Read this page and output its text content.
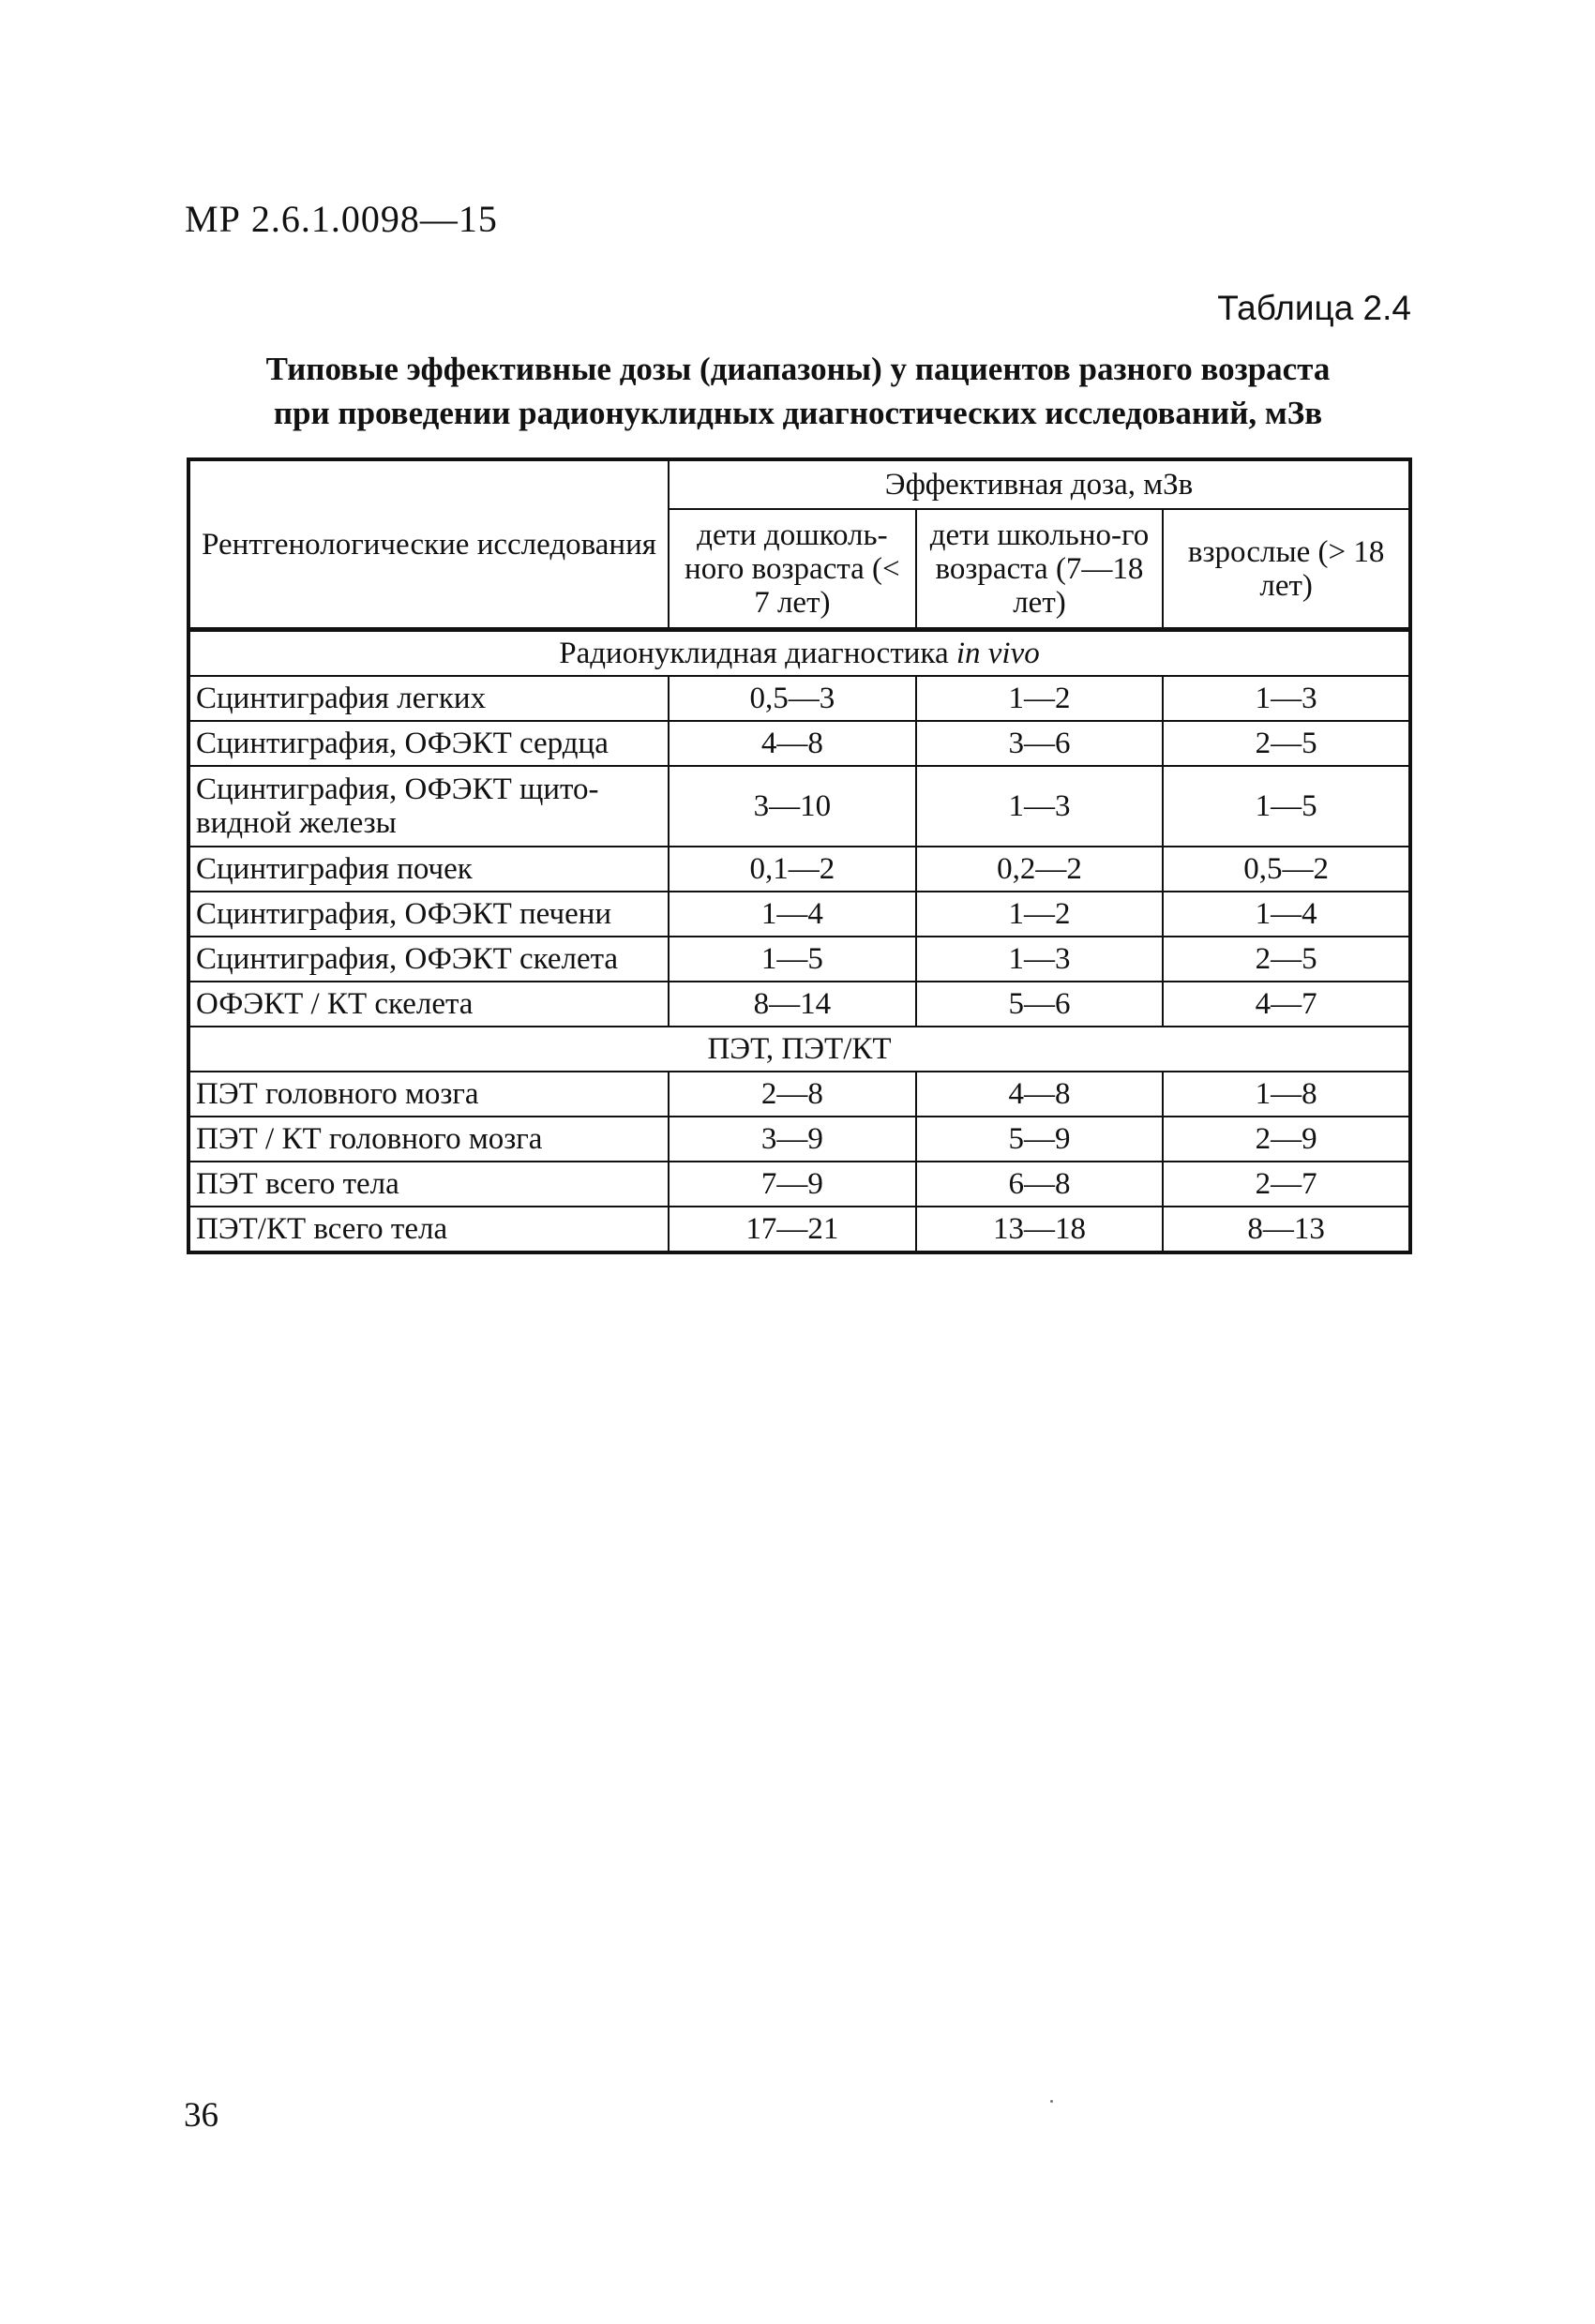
МР 2.6.1.0098—15
Таблица 2.4
Типовые эффективные дозы (диапазоны) у пациентов разного возраста
при проведении радионуклидных диагностических исследований, мЗв
Рентгенологические исследования	Эффективная доза, мЗв		
	дети дошколь-ного возраста (< 7 лет)	дети школьно-го возраста (7—18 лет)	взрослые (> 18 лет)
Радионуклидная диагностика in vivo			
Сцинтиграфия легких	0,5—3	1—2	1—3
Сцинтиграфия, ОФЭКТ сердца	4—8	3—6	2—5
Сцинтиграфия, ОФЭКТ щито-видной железы	3—10	1—3	1—5
Сцинтиграфия почек	0,1—2	0,2—2	0,5—2
Сцинтиграфия, ОФЭКТ печени	1—4	1—2	1—4
Сцинтиграфия, ОФЭКТ скелета	1—5	1—3	2—5
ОФЭКТ / КТ скелета	8—14	5—6	4—7
ПЭТ, ПЭТ/КТ			
ПЭТ головного мозга	2—8	4—8	1—8
ПЭТ / КТ головного мозга	3—9	5—9	2—9
ПЭТ всего тела	7—9	6—8	2—7
ПЭТ/КТ всего тела	17—21	13—18	8—13
36
